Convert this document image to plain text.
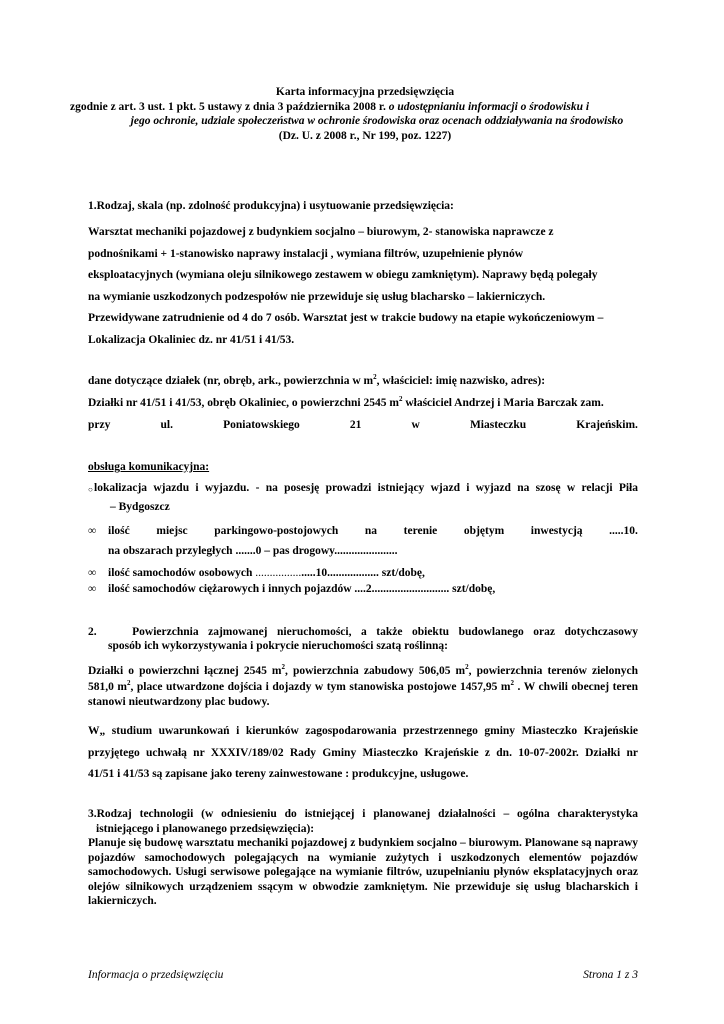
Karta informacyjna przedsięwzięcia
zgodnie z art. 3 ust. 1 pkt. 5 ustawy z dnia 3 października 2008 r. o udostępnianiu informacji o środowisku i
jego ochronie, udziale społeczeństwa w ochronie środowiska oraz ocenach oddziaływania na środowisko
(Dz. U. z 2008 r., Nr 199, poz. 1227)
1.Rodzaj, skala (np. zdolność produkcyjna) i usytuowanie przedsięwzięcia:

Warsztat mechaniki pojazdowej z budynkiem socjalno – biurowym, 2- stanowiska naprawcze z

podnośnikami + 1-stanowisko naprawy instalacji , wymiana filtrów, uzupełnienie płynów

eksploatacyjnych (wymiana oleju silnikowego zestawem w obiegu zamkniętym). Naprawy będą polegały

na wymianie uszkodzonych podzespołów nie przewiduje się usług blacharsko – lakierniczych.

Przewidywane zatrudnienie od 4 do 7 osób. Warsztat jest w trakcie budowy na etapie wykończeniowym –

Lokalizacja Okaliniec dz. nr 41/51 i 41/53.

dane dotyczące działek (nr, obręb, ark., powierzchnia w $m^2$, właściciel: imię nazwisko, adres):
Działki nr 41/51 i 41/53, obręb Okaliniec, o powierzchni 2545 $m^2$ właściciel Andrzej i Maria Barczak zam.
przy	ul.	Poniatowskiego	21	w	Miasteczku	Krajeńskim.
obsługa komunikacyjna:
○ lokalizacja wjazdu i wyjazdu. - na posesję prowadzi istniejący wjazd i wyjazd na szosę w relacji Piła
– Bydgoszcz
∞ ilość miejsc parkingowo-postojowych na terenie objętym inwestycją .....10.
na obszarach przyległych .......0 – pas drogowy......................
∞	ilość samochodów osobowych .....................10.................. szt/dobę,
∞	ilość samochodów ciężarowych i innych pojazdów ....2........................... szt/dobę,
2.	Powierzchnia zajmowanej nieruchomości, a także obiektu budowlanego oraz dotychczasowy
sposób ich wykorzystywania i pokrycie nieruchomości szatą roślinną:
Działki o powierzchni łącznej 2545 $m^2$, powierzchnia zabudowy 506,05 $m^2$, powierzchnia terenów zielonych 581,0 $m^2$, place utwardzone dojścia i dojazdy w tym stanowiska postojowe 1457,95 $m^2$ . W chwili obecnej teren stanowi nieutwardzony plac budowy.

W„ studium uwarunkowań i kierunków zagospodarowania przestrzennego gminy Miasteczko Krajeńskie

przyjętego uchwałą nr XXXIV/189/02 Rady Gminy Miasteczko Krajeńskie z dn. 10-07-2002r. Działki nr

41/51 i 41/53 są zapisane jako tereny zainwestowane : produkcyjne, usługowe.

3.Rodzaj technologii (w odniesieniu do istniejącej i planowanej działalności – ogólna charakterystyka
istniejącego i planowanego przedsięwzięcia):
Planuje się budowę warsztatu mechaniki pojazdowej z budynkiem socjalno – biurowym. Planowane są naprawy pojazdów samochodowych polegających na wymianie zużytych i uszkodzonych elementów pojazdów samochodowych. Usługi serwisowe polegające na wymianie filtrów, uzupełnianiu płynów eksplatacyjnych oraz olejów silnikowych urządzeniem ssącym w obwodzie zamkniętym. Nie przewiduje się usług blacharskich i lakierniczych.
Informacja o przedsięwzięciu	Strona 1 z 3
